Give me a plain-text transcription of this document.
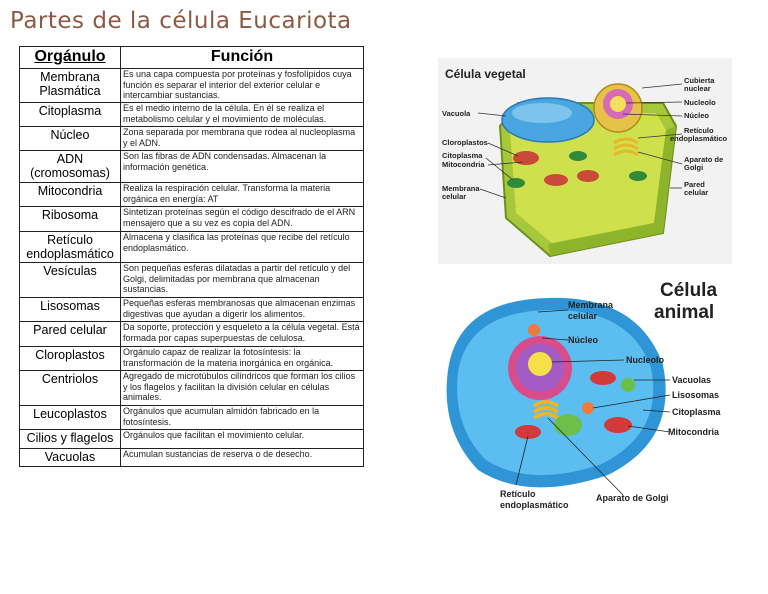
Partes de la célula Eucariota
Orgánulo	Función
Membrana Plasmática	Es una capa compuesta por proteínas y fosfolípidos cuya función es separar el interior del exterior celular e intercambiar sustancias.
Citoplasma	Es el medio interno de la célula. En él se realiza el metabolismo celular y el movimiento de moléculas.
Núcleo	Zona separada por membrana que rodea al nucleoplasma y el ADN.
ADN (cromosomas)	Son las fibras de ADN condensadas. Almacenan la información genética.
Mitocondria	Realiza la respiración celular. Transforma la materia orgánica en energía: AT
Ribosoma	Sintetizan proteínas según el código descifrado de el ARN mensajero que a su vez es copia del ADN.
Retículo endoplasmático	Almacena y clasifica las proteínas que recibe del retículo endoplasmático.
Vesículas	Son pequeñas esferas dilatadas a partir del retículo y del Golgi, delimitadas por membrana que almacenan sustancias.
Lisosomas	Pequeñas esferas membranosas que almacenan enzimas digestivas que ayudan a digerir los alimentos.
Pared celular	Da soporte, protección y esqueleto a la célula vegetal. Está formada por capas superpuestas de celulosa.
Cloroplastos	Orgánulo capaz de realizar la fotosíntesis: la transformación de la materia inorgánica en orgánica.
Centriolos	Agregado de microtúbulos cilíndricos que forman los cilios y los flagelos y facilitan la división celular en células animales.
Leucoplastos	Orgánulos que acumulan almidón fabricado en la fotosíntesis.
Cilios y flagelos	Orgánulos que facilitan el movimiento celular.
Vacuolas	Acumulan sustancias de reserva o de desecho.
Célula vegetal
Vacuola
Cloroplastos
Citoplasma
Mitocondria
Membrana celular
Cubierta nuclear
Nucleolo
Núcleo
Retículo endoplasmático
Aparato de Golgi
Pared celular
Célula
animal
Membrana celular
Núcleo
Nucleolo
Vacuolas
Lisosomas
Citoplasma
Mitocondria
Retículo endoplasmático
Aparato de Golgi
